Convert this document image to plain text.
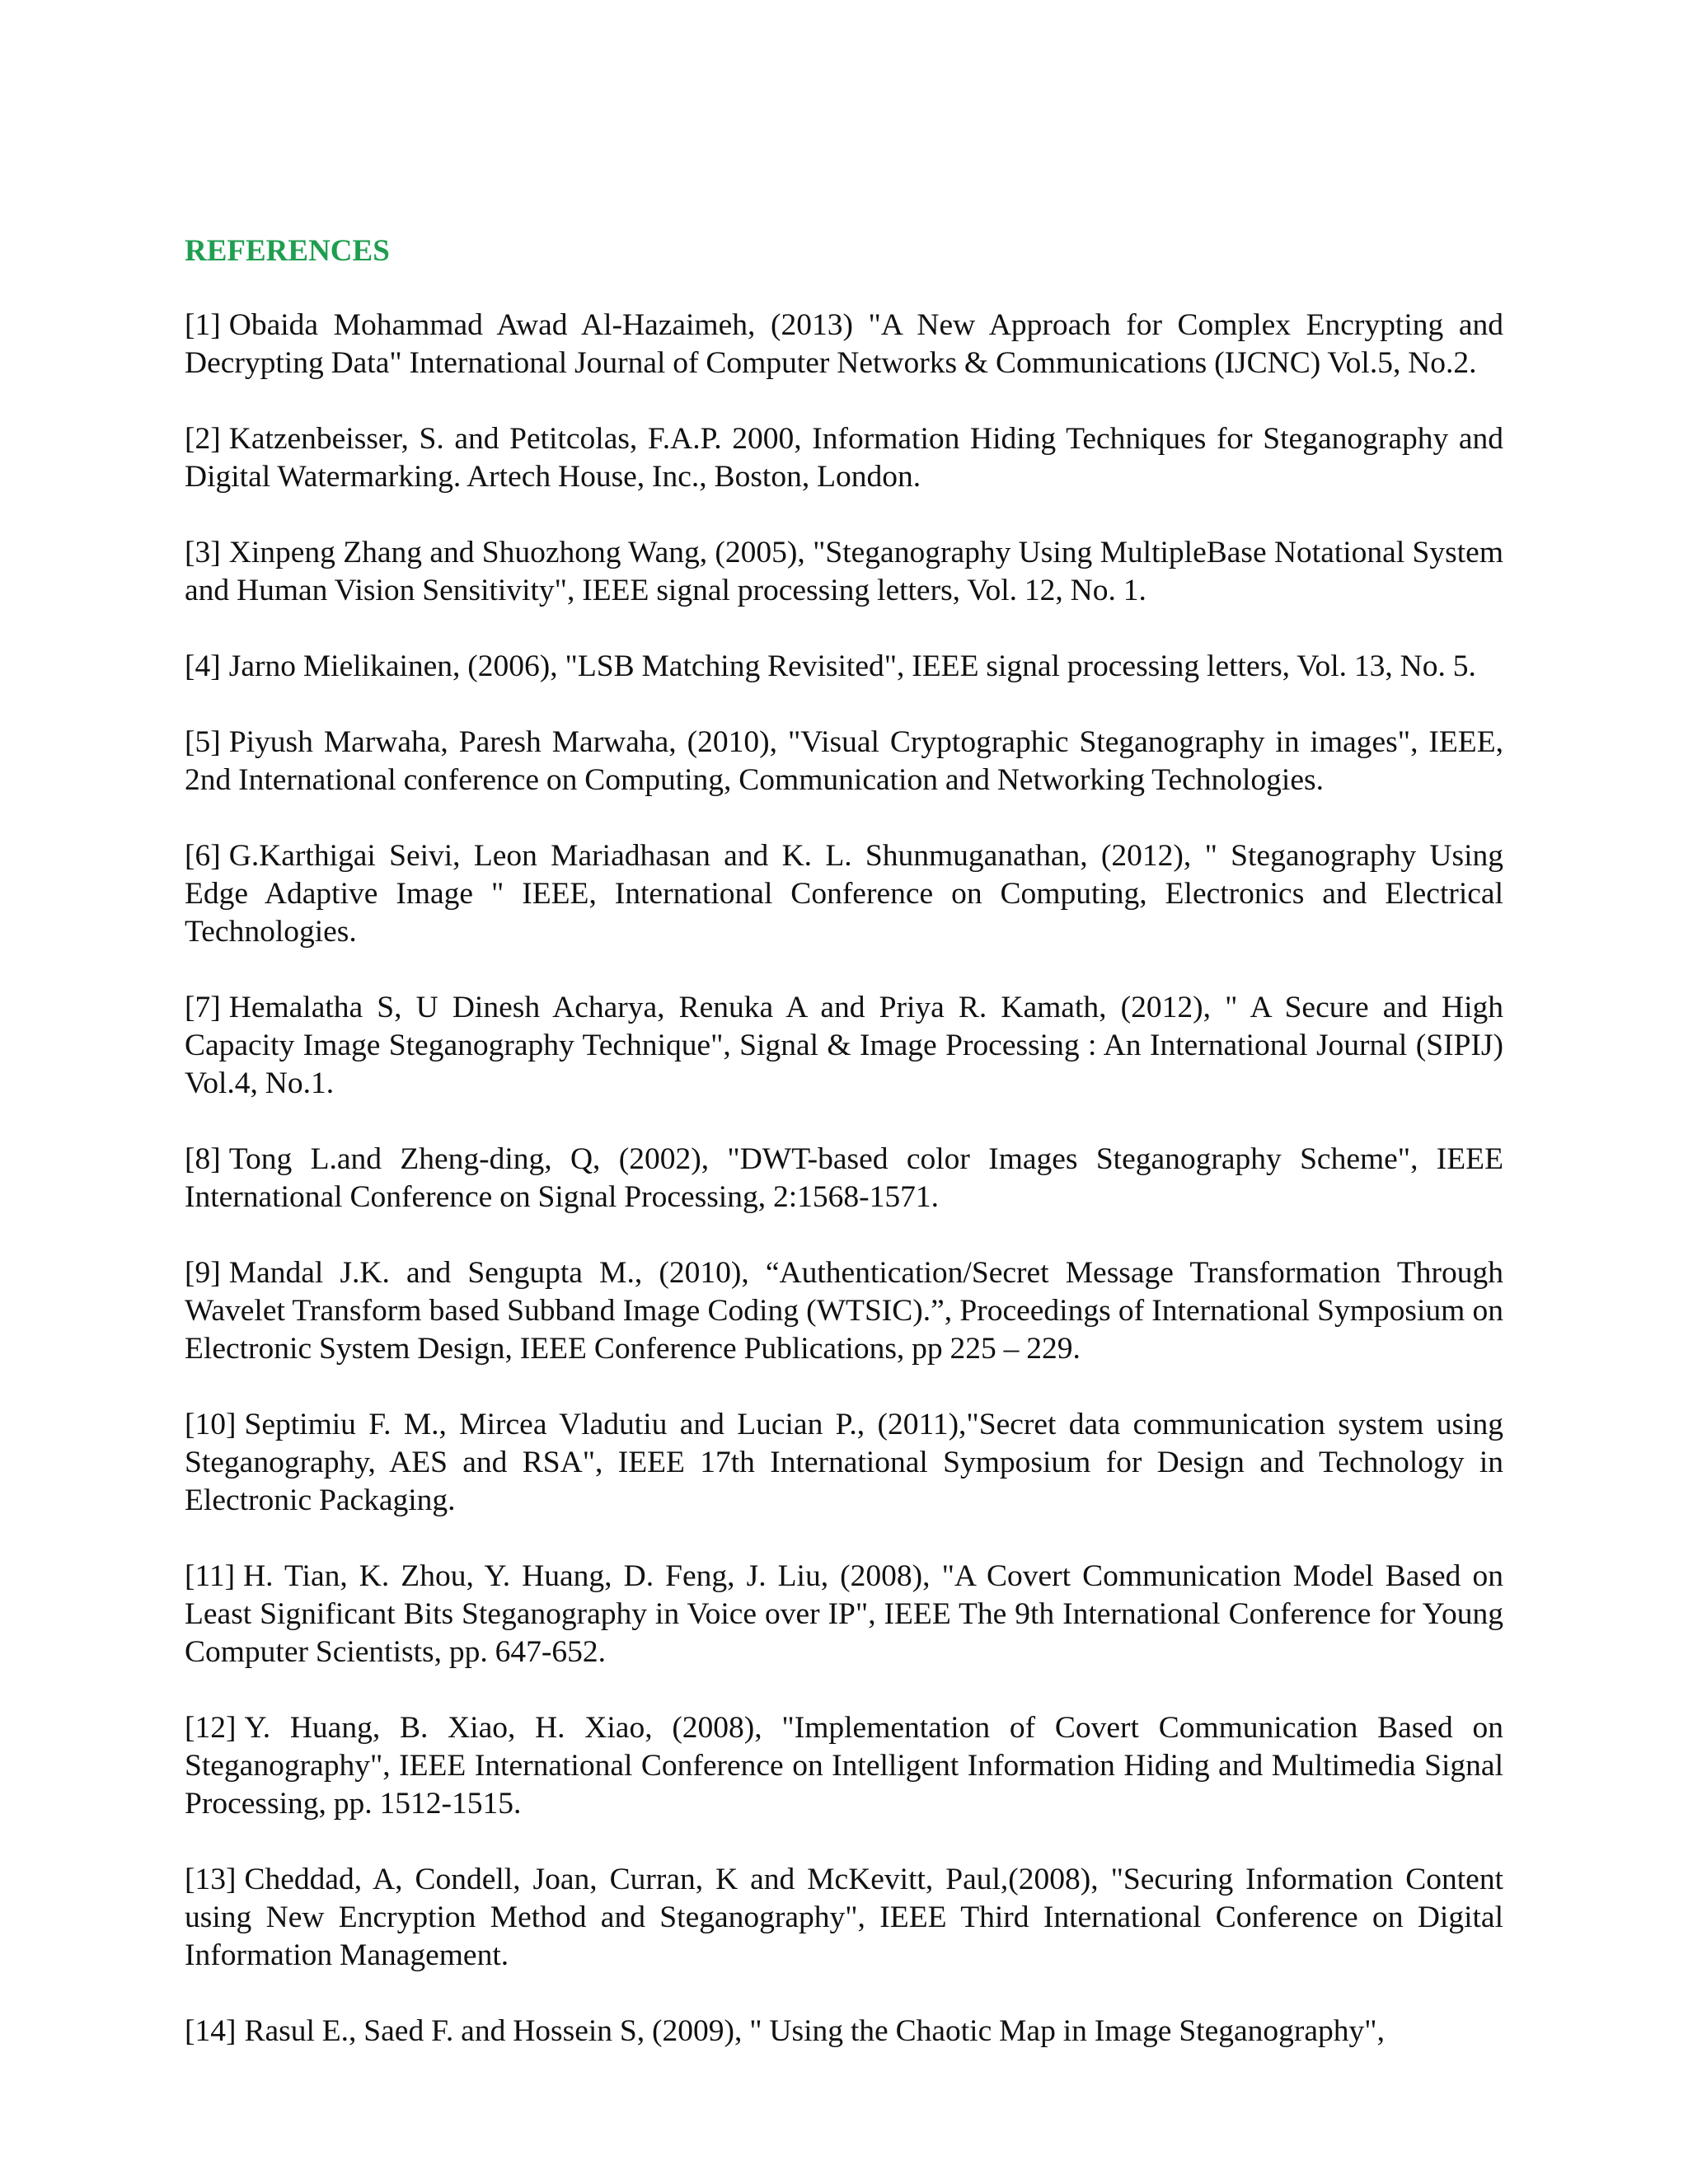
REFERENCES
[1] Obaida Mohammad Awad Al-Hazaimeh, (2013) "A New Approach for Complex Encrypting and Decrypting Data" International Journal of Computer Networks & Communications (IJCNC) Vol.5, No.2.
[2] Katzenbeisser, S. and Petitcolas, F.A.P. 2000, Information Hiding Techniques for Steganography and Digital Watermarking. Artech House, Inc., Boston, London.
[3] Xinpeng Zhang and Shuozhong Wang, (2005), "Steganography Using MultipleBase Notational System and Human Vision Sensitivity", IEEE signal processing letters, Vol. 12, No. 1.
[4] Jarno Mielikainen, (2006), "LSB Matching Revisited", IEEE signal processing letters, Vol. 13, No. 5.
[5] Piyush Marwaha, Paresh Marwaha, (2010), "Visual Cryptographic Steganography in images", IEEE, 2nd International conference on Computing, Communication and Networking Technologies.
[6] G.Karthigai Seivi, Leon Mariadhasan and K. L. Shunmuganathan, (2012), " Steganography Using Edge Adaptive Image " IEEE, International Conference on Computing, Electronics and Electrical Technologies.
[7] Hemalatha S, U Dinesh Acharya, Renuka A and Priya R. Kamath, (2012), " A Secure and High Capacity Image Steganography Technique", Signal & Image Processing : An International Journal (SIPIJ) Vol.4, No.1.
[8] Tong L.and Zheng-ding, Q, (2002), "DWT-based color Images Steganography Scheme", IEEE International Conference on Signal Processing, 2:1568-1571.
[9] Mandal J.K. and Sengupta M., (2010), “Authentication/Secret Message Transformation Through Wavelet Transform based Subband Image Coding (WTSIC).”, Proceedings of International Symposium on Electronic System Design, IEEE Conference Publications, pp 225 – 229.
[10] Septimiu F. M., Mircea Vladutiu and Lucian P., (2011),"Secret data communication system using Steganography, AES and RSA", IEEE 17th International Symposium for Design and Technology in Electronic Packaging.
[11] H. Tian, K. Zhou, Y. Huang, D. Feng, J. Liu, (2008), "A Covert Communication Model Based on Least Significant Bits Steganography in Voice over IP", IEEE The 9th International Conference for Young Computer Scientists, pp. 647-652.
[12] Y. Huang, B. Xiao, H. Xiao, (2008), "Implementation of Covert Communication Based on Steganography", IEEE International Conference on Intelligent Information Hiding and Multimedia Signal Processing, pp. 1512-1515.
[13] Cheddad, A, Condell, Joan, Curran, K and McKevitt, Paul,(2008), "Securing Information Content using New Encryption Method and Steganography", IEEE Third International Conference on Digital Information Management.
[14] Rasul E., Saed F. and Hossein S, (2009), " Using the Chaotic Map in Image Steganography",
